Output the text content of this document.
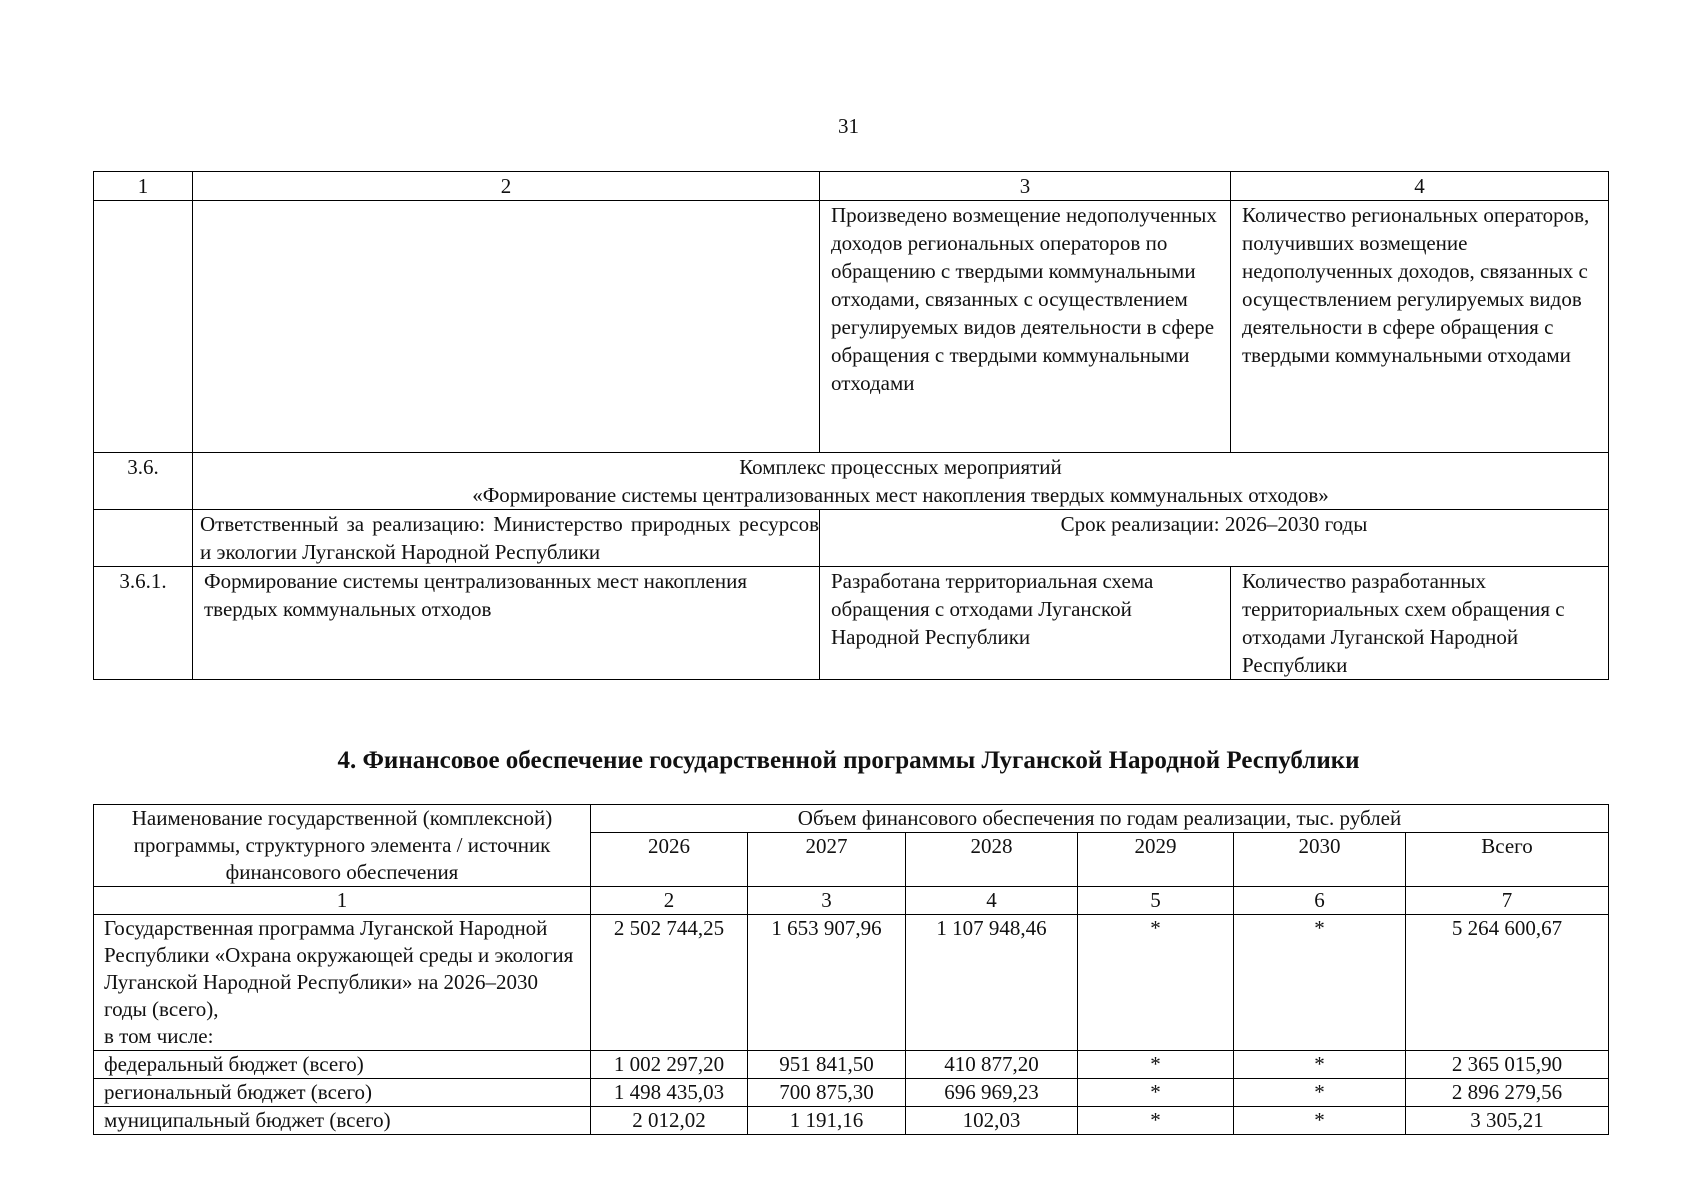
31
1	2	3	4
		Произведено возмещение недополученных доходов региональных операторов по обращению с твердыми коммунальными отходами, связанных с осуществлением регулируемых видов деятельности в сфере обращения с твердыми коммунальными отходами	Количество региональных операторов, получивших возмещение недополученных доходов, связанных с осуществлением регулируемых видов деятельности в сфере обращения с твердыми коммунальными отходами
3.6.	Комплекс процессных мероприятий
«Формирование системы централизованных мест накопления твердых коммунальных отходов»		

	Ответственный за реализацию: Министерство природных ресурсов и экологии Луганской Народной Республики	Срок реализации: 2026–2030 годы	
3.6.1.	Формирование системы централизованных мест накопления твердых коммунальных отходов	Разработана территориальная схема обращения с отходами Луганской Народной Республики	Количество разработанных территориальных схем обращения с отходами Луганской Народной Республики
4. Финансовое обеспечение государственной программы Луганской Народной Республики
Наименование государственной (комплексной) программы, структурного элемента / источник финансового обеспечения	Объем финансового обеспечения по годам реализации, тыс. рублей					
	2026	2027	2028	2029	2030	Всего
1	2	3	4	5	6	7

Государственная программа Луганской Народной Республики «Охрана окружающей среды и экология Луганской Народной Республики» на 2026–2030 годы (всего),
в том числе:	2 502 744,25	1 653 907,96	1 107 948,46	*	*	5 264 600,67
федеральный бюджет (всего)	1 002 297,20	951 841,50	410 877,20	*	*	2 365 015,90
региональный бюджет (всего)	1 498 435,03	700 875,30	696 969,23	*	*	2 896 279,56
муниципальный бюджет (всего)	2 012,02	1 191,16	102,03	*	*	3 305,21
